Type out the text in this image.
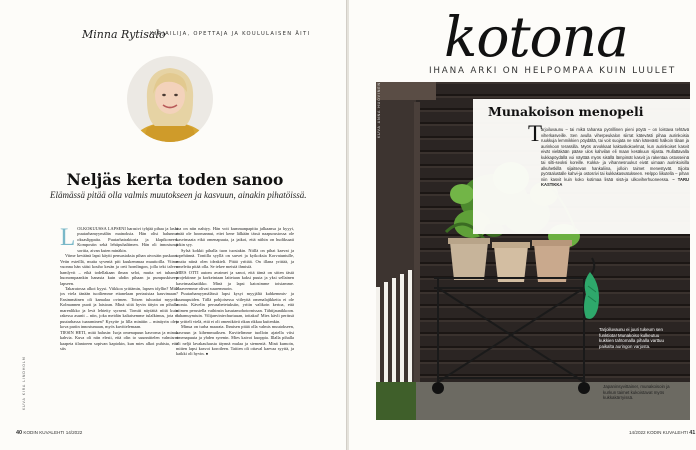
Minna Rytisalo
KIRJAILIJA, OPETTAJA JA KOULULAISEN ÄITI
KUVA KIRA LINDHOLM
Neljäs kerta toden sanoo
Elämässä pitää olla valmis muutokseen ja kasvuun, ainakin pihatöissä.
L OLKOKUUSSA LAPSENI harasivi tyhjää pihaa ja laski puutarhamyymälän mainoksia. Hän olisi halunnut oksaslippaita. Puutarhatraktoria ja klapikoneen. Kompostin sekä lehtipuhaltimen. Hän oli innostunut sorttia, aivan kuten minäkin.

Viime keväänä lapsi käytti pensastaksia pihan aivosäin puskaan. Vetin esteillä, mutta syventä piti kuukemmaa muuttoilla. Viime vuonna hän sääsi kouho kesän ja oeti hornlingon, jolla tekt talven hamlyvit – eikä todellakaan ilman seloi, mutta sei tuhansa huonompaankin hanasta kuin uhdin pihaan ja pumpuskiseen lapseen.

Takaratossa alkoi kyysi. Viikkoa yrittämin, lapsen idyllin? Mitä jos viela tänään tuoiliemme ettanelaan pertasistaa kauvimaan? Ensimmäinen oli kamalaa ovimen. Toisen tuhoattat myyrät. Kolmannen puoti ja laistoan. Minä siitä hyvin tätyin on pihalla marenlikko ja levä lehteity syrneni. Tomiti näytättä niitä kuin rakessa asunit – niin, joka meidän kaltaisemme tulalkimus, jota ei puutarhassa tuaraminen? Kysytte ja lilla minäiin – minäyrin olen kova pariin innostumaan, myös kuvittelemaan.

TIESIN HETI, mitä halusin: Isoja omenapuun kasvoma ja minua kahvia. Kuva oli niin elesti, että olin to suunnittelen valmisrei kaapeta tilantoeen sopivan kaptokin, kun mies alkoi puhista, että siis

ma on niin nahtyy. Hän voit kummanpapitta jalkaansa ja kyyyi, enää ole hoomannut, ettei kene lälkään tässä naapurustossa ole kasvimaata eikä omenapuuta, ja jatkoi, että niihin on hudiksaati jokin syy.

Sylsä kokkii pihalla tuon tuostakin. Niillä on pihat kaevat ja topehiinnä. Tontilla syyllä on sarvet ja kytkoksia Korvatuntulle, mutta niinä olen ideakieli. Pitää yrittää. On illana yrittää, ja omeleita pitää olla. Se tekee meistä ihmisiä.

MIES OTTI autom avaimet ja sanoi, että tämä on sitten tästä projektinne ja korkeintaan laitetaan kaksi puuta ja yksi sellainen kasvimaalaatikko. Minä ja lapsi katosimme toisiamme. Haaveemme olivat suuremmoin.

Puutarhamyymälässä lapsi kysyi myyjältä kahkemmis- ja luumupuiden. Tällä pohjoisessa viileyttä omenalajikkeita ei ole monia. Kävelin perusabetetuksiin, yritin valikoin kertoa, että niimen perustella vaihinsin kasutamohotornissan. Tähtijaunikkoon. Juhamuymtuin. Vilijanviniechurtuuan, tottakai! Mies kävli perässä ja yritteli vielä, että ei oli omenikävä rikan rikkaa kuitenkin.

Minua on turha maarata. Ihmisen pitää olla valmis muutokseen, kasvuun ja kihemmuiksen. Kuvitelimme tuolloin ajatella viisi omenapuuta ja yhden syrenin. Mies kaivoi kuoppia. Illalla pihalla oli neljä lavakauluusta täynnä mulaa ja siemeniä. Minä kumoin, mitten lapsi kasvoi koroileen. Taitien oli ottaval kaevaa syyttä, ja kaikki oli hyvin. ●

40 KODIN KUVALEHTI 14/2022
kotona
IHANA ARKI ON HELPOMPAA KUIN LUULET
KUVA ANNA HUOVINEN	Munakoison menopeli
T
arjoiluvaunu – tai mikä tahansa pyörillinen pieni pöytä – on loistava tehtävä viherkasveille. Sen avulla viherpeukalon siirrat kätevästi pihaa aurinkoisia ruukkuja lemmikkien pöydältä, tai voit suojata ne näin kätevästi halkoin tilaan ja aurinkoon terassilla. Myös arvokkaat kaktuskokoelmat, kun aurinkoiset kasvit eivät vieläkään pääse ulos kahvilan eli maan kesäkuun sijasta. Rullattavalla kukkapöydällä voi näyttää myös sisällä lämpimät kasvit ja rakentaa ostosseinä tai silti-seoksi koreille. Kukka- ja vihannesruukut eivät uimaan aurinkoisilla alkuhetkillä sijaitsevan hankaliina, jolloin taimet menestyvät. Sijoita pyöräalustalle kahvi-ja ostosrivi tai kukkakasvatukseen. Helppo liikutella – pihan niin kasvit kuin koko kotimaa lisää sisä-ja ulkoviherhuoneessa. – TARU KASTIKKA
Tarjoiluvaunu ei juuri tukeum sen funktiota! Munakoiso kulkeutuu kukkien tahtomalla pihalla varttuu paikalta auringon varjosta.
Japaninsyvittainer, munakoisoin ja kurkun taimet kukoistavat myös kukkakärryissä.
14/2022 KODIN KUVALEHTI 41
